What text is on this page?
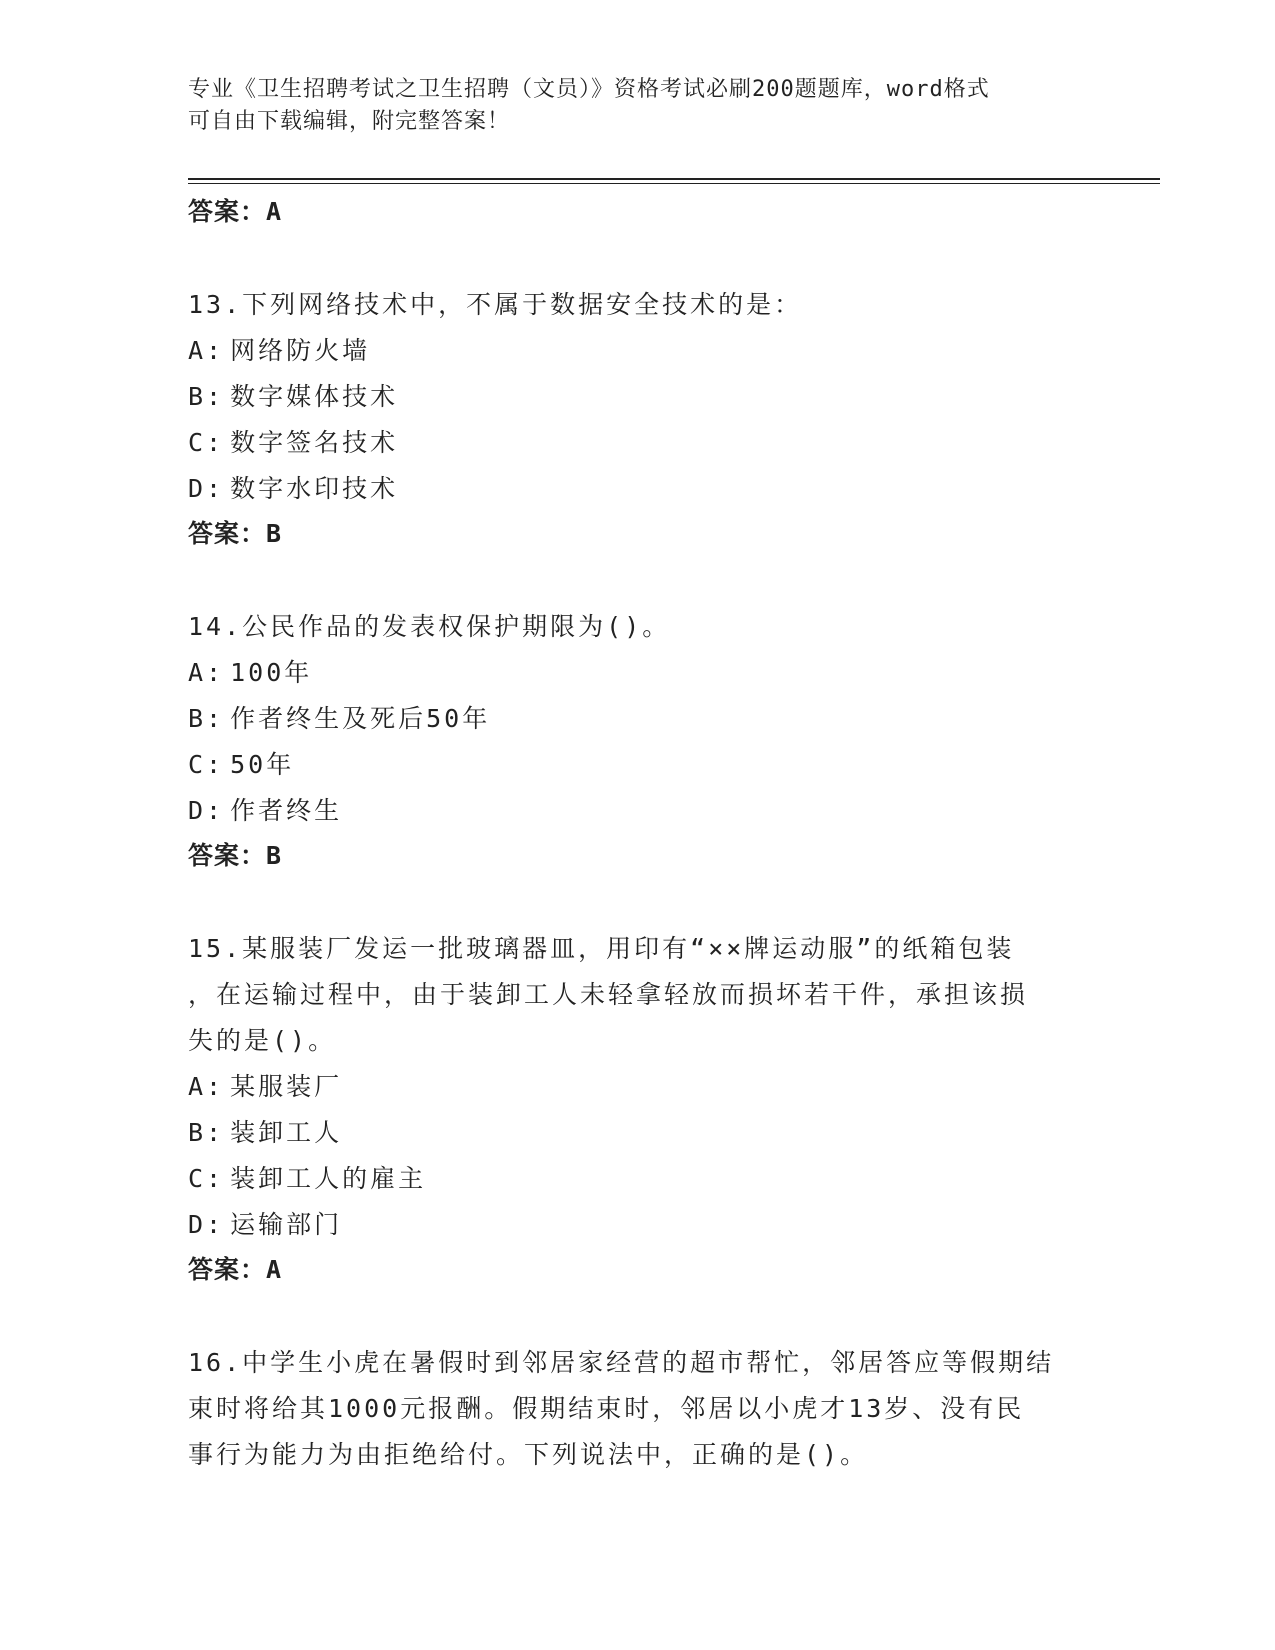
专业《卫生招聘考试之卫生招聘（文员）》资格考试必刷200题题库，word格式
可自由下载编辑，附完整答案！
答案：A
13.下列网络技术中，不属于数据安全技术的是：
A: 网络防火墙
B: 数字媒体技术
C: 数字签名技术
D: 数字水印技术
答案：B
14.公民作品的发表权保护期限为()。
A: 100年
B: 作者终生及死后50年
C: 50年
D: 作者终生
答案：B
15.某服装厂发运一批玻璃器皿，用印有“××牌运动服”的纸箱包装
，在运输过程中，由于装卸工人未轻拿轻放而损坏若干件，承担该损
失的是()。
A: 某服装厂
B: 装卸工人
C: 装卸工人的雇主
D: 运输部门
答案：A
16.中学生小虎在暑假时到邻居家经营的超市帮忙，邻居答应等假期结
束时将给其1000元报酬。假期结束时，邻居以小虎才13岁、没有民
事行为能力为由拒绝给付。下列说法中，正确的是()。
